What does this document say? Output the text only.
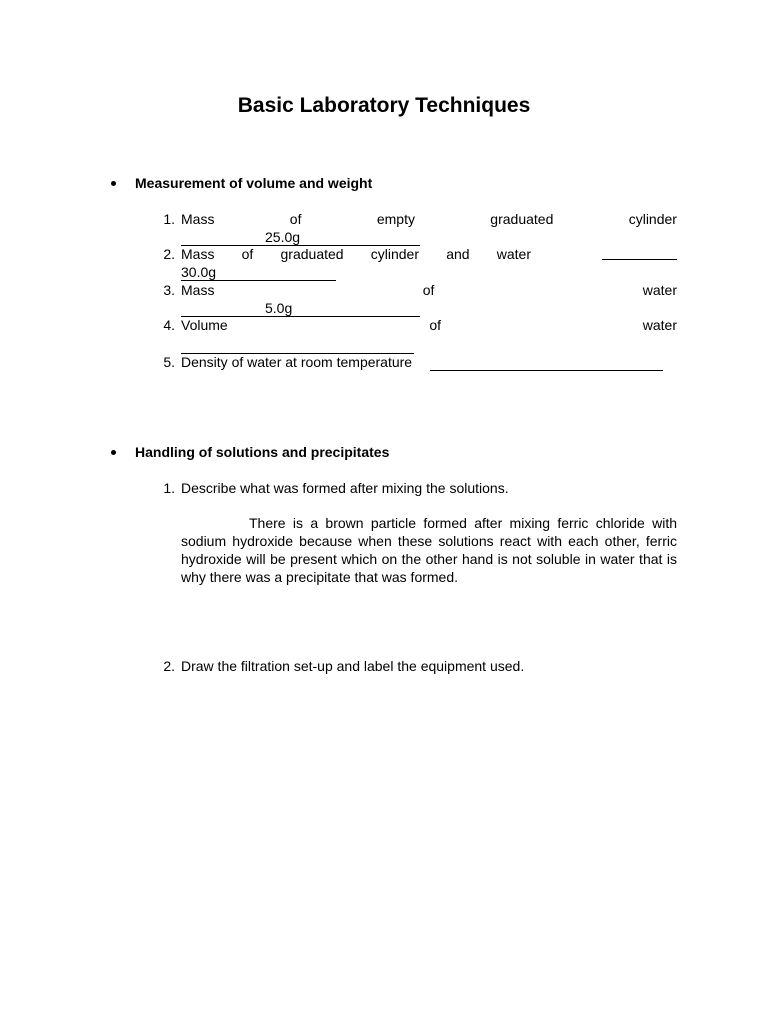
Basic Laboratory Techniques
Measurement of volume and weight
1. Mass	of	empty	graduated	cylinder
25.0g
2. Mass of graduated cylinder and water
30.0g
3. Mass	of	water
5.0g
4. Volume	of	water
5. Density of water at room temperature
Handling of solutions and precipitates
1. Describe what was formed after mixing the solutions.
There is a brown particle formed after mixing ferric chloride with sodium hydroxide because when these solutions react with each other, ferric hydroxide will be present which on the other hand is not soluble in water that is why there was a precipitate that was formed.
2. Draw the filtration set-up and label the equipment used.
